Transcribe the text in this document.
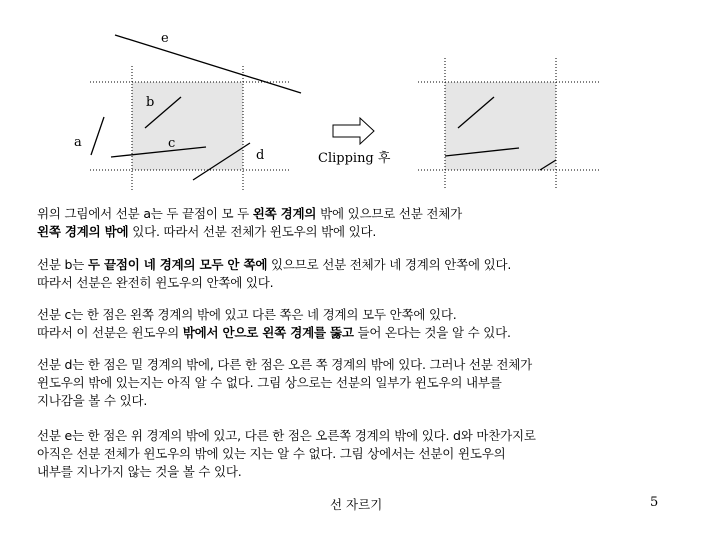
e
b
a	c
d	Clipping 후
위의 그림에서 선분 a는 두 끝점이 모 두 왼쪽 경계의 밖에 있으므로 선분 전체가
왼쪽 경계의 밖에 있다. 따라서 선분 전체가 윈도우의 밖에 있다.
선분 b는 두 끝점이 네 경계의 모두 안 쪽에 있으므로 선분 전체가 네 경계의 안쪽에 있다.
따라서 선분은 완전히 윈도우의 안쪽에 있다.
선분 c는 한 점은 왼쪽 경계의 밖에 있고 다른 쪽은 네 경계의 모두 안쪽에 있다.
따라서 이 선분은 윈도우의 밖에서 안으로 왼쪽 경계를 뚫고 들어 온다는 것을 알 수 있다.
선분 d는 한 점은 밑 경계의 밖에, 다른 한 점은 오른 쪽 경계의 밖에 있다. 그러나 선분 전체가
윈도우의 밖에 있는지는 아직 알 수 없다. 그림 상으로는 선분의 일부가 윈도우의 내부를
지나감을 볼 수 있다.
선분 e는 한 점은 위 경계의 밖에 있고, 다른 한 점은 오른쪽 경계의 밖에 있다. d와 마찬가지로
아직은 선분 전체가 윈도우의 밖에 있는 지는 알 수 없다. 그림 상에서는 선분이 윈도우의
내부를 지나가지 않는 것을 볼 수 있다.
선 자르기	5
